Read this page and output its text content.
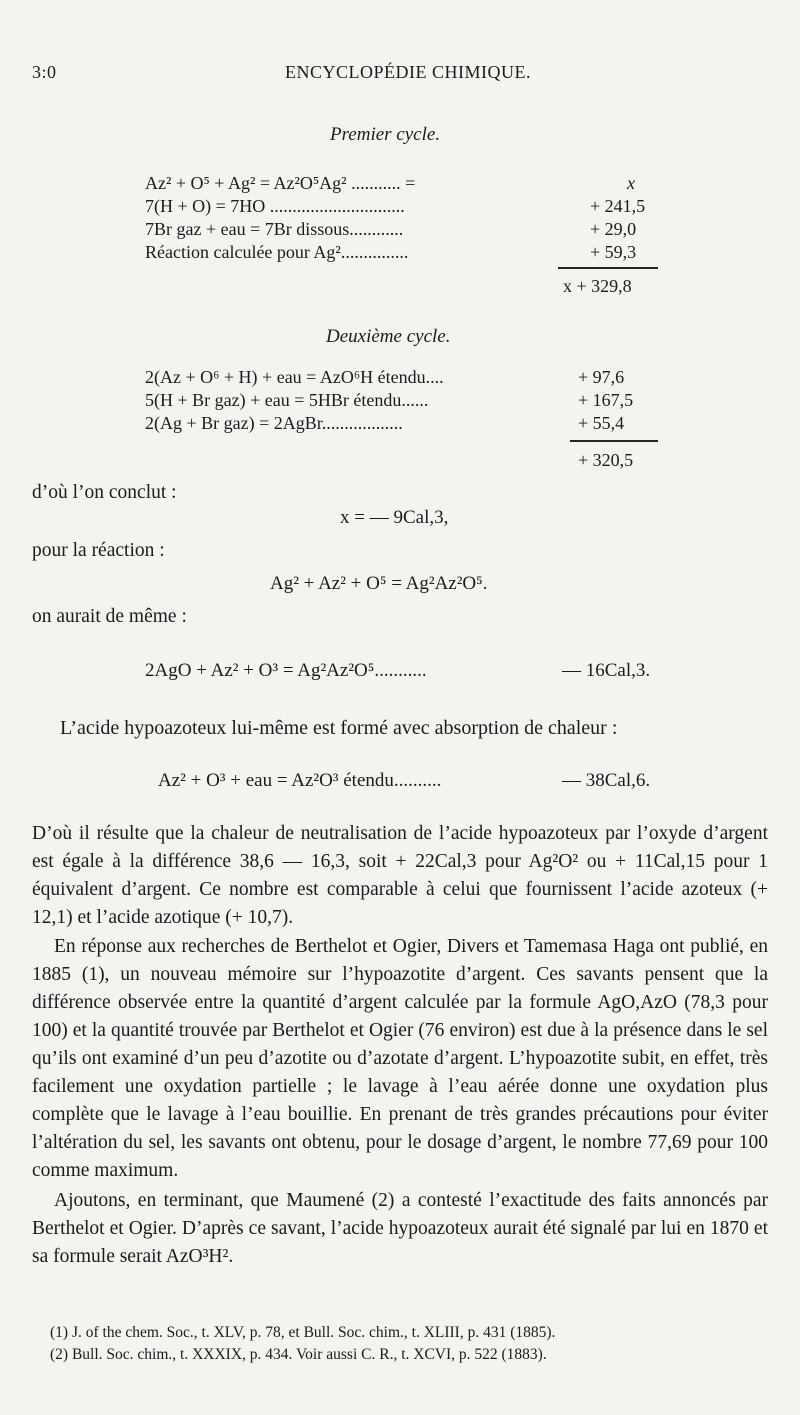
3:0	ENCYCLOPÉDIE CHIMIQUE.
Premier cycle.
Az² + O⁵ + Ag² = Az²O⁵Ag² ........... =	x
7(H + O) = 7HO ..............................	+ 241,5
7Br gaz + eau = 7Br dissous............	+ 29,0
Réaction calculée pour Ag²...............	+ 59,3
x + 329,8
Deuxième cycle.
2(Az + O⁶ + H) + eau = AzO⁶H étendu....	+ 97,6
5(H + Br gaz) + eau = 5HBr étendu......	+ 167,5
2(Ag + Br gaz) = 2AgBr..................	+ 55,4
+ 320,5
d’où l’on conclut :
x = — 9Cal,3,
pour la réaction :
Ag² + Az² + O⁵ = Ag²Az²O⁵.
on aurait de même :
2AgO + Az² + O³ = Ag²Az²O⁵...........	— 16Cal,3.
L’acide hypoazoteux lui-même est formé avec absorption de chaleur :
Az² + O³ + eau = Az²O³ étendu..........	— 38Cal,6.

D’où il résulte que la chaleur de neutralisation de l’acide hypoazoteux par l’oxyde d’argent est égale à la différence 38,6 — 16,3, soit + 22Cal,3 pour Ag²O² ou + 11Cal,15 pour 1 équivalent d’argent. Ce nombre est comparable à celui que fournissent l’acide azoteux (+ 12,1) et l’acide azotique (+ 10,7).

En réponse aux recherches de Berthelot et Ogier, Divers et Tamemasa Haga ont publié, en 1885 (1), un nouveau mémoire sur l’hypoazotite d’argent. Ces savants pensent que la différence observée entre la quantité d’argent calculée par la formule AgO,AzO (78,3 pour 100) et la quantité trouvée par Berthelot et Ogier (76 environ) est due à la présence dans le sel qu’ils ont examiné d’un peu d’azotite ou d’azotate d’argent. L’hypoazotite subit, en effet, très facilement une oxydation partielle ; le lavage à l’eau aérée donne une oxydation plus complète que le lavage à l’eau bouillie. En prenant de très grandes précautions pour éviter l’altération du sel, les savants ont obtenu, pour le dosage d’argent, le nombre 77,69 pour 100 comme maximum.

Ajoutons, en terminant, que Maumené (2) a contesté l’exactitude des faits annoncés par Berthelot et Ogier. D’après ce savant, l’acide hypoazoteux aurait été signalé par lui en 1870 et sa formule serait AzO³H².

(1) J. of the chem. Soc., t. XLV, p. 78, et Bull. Soc. chim., t. XLIII, p. 431 (1885).
(2) Bull. Soc. chim., t. XXXIX, p. 434. Voir aussi C. R., t. XCVI, p. 522 (1883).
